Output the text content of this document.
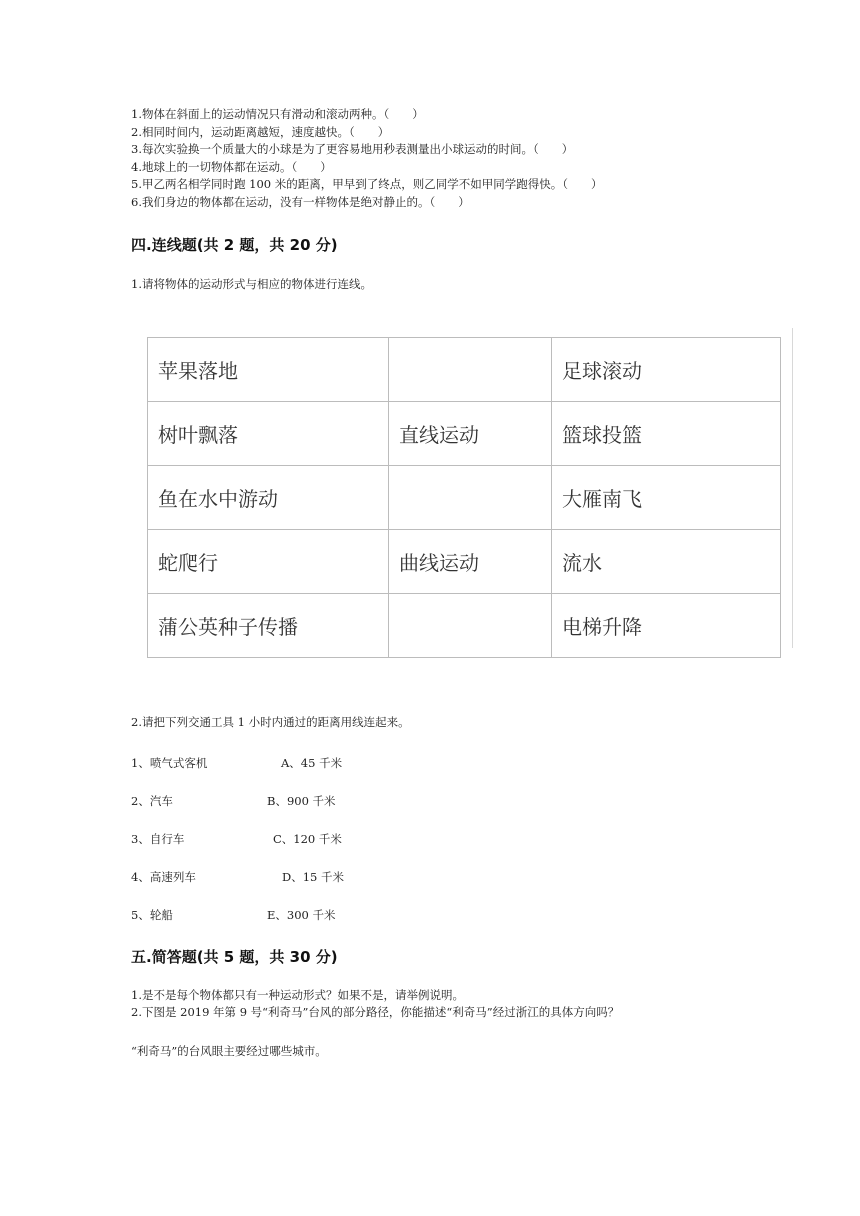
1.物体在斜面上的运动情况只有滑动和滚动两种。（　　）
2.相同时间内，运动距离越短，速度越快。（　　）
3.每次实验换一个质量大的小球是为了更容易地用秒表测量出小球运动的时间。（　　）
4.地球上的一切物体都在运动。（　　）
5.甲乙两名相学同时跑 100 米的距离，甲早到了终点，则乙同学不如甲同学跑得快。（　　）
6.我们身边的物体都在运动，没有一样物体是绝对静止的。（　　）
四.连线题(共 2 题，共 20 分)
1.请将物体的运动形式与相应的物体进行连线。
苹果落地		足球滚动
树叶飘落	直线运动	篮球投篮
鱼在水中游动		大雁南飞
蛇爬行	曲线运动	流水
蒲公英种子传播		电梯升降
2.请把下列交通工具 1 小时内通过的距离用线连起来。
1、喷气式客机	A、45 千米
2、汽车	B、900 千米
3、自行车	C、120 千米
4、高速列车	D、15 千米
5、轮船	E、300 千米
五.简答题(共 5 题，共 30 分)
1.是不是每个物体都只有一种运动形式？如果不是，请举例说明。
2.下图是 2019 年第 9 号“利奇马”台风的部分路径，你能描述“利奇马”经过浙江的具体方向吗？
“利奇马”的台风眼主要经过哪些城市。
